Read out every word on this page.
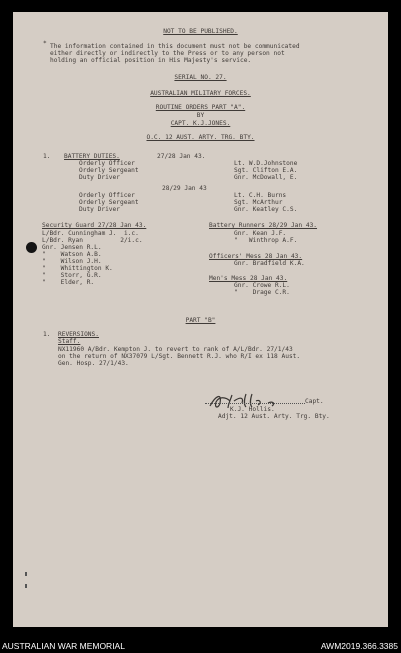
NOT TO BE PUBLISHED.
* The information contained in this document must not be communicated
either directly or indirectly to the Press or to any person not
holding an official position in His Majesty's service.
SERIAL NO. 27.
AUSTRALIAN MILITARY FORCES.
ROUTINE ORDERS PART "A".
BY
CAPT. K.J.JONES.
O.C. 12 AUST. ARTY. TRG. BTY.
1. BATTERY DUTIES.	27/28 Jan 43.
Orderly Officer
Orderly Sergeant
Duty Driver
Lt. W.D.Johnstone
Sgt. Clifton E.A.
Gnr. McDowall, E.
28/29 Jan 43
Orderly Officer
Orderly Sergeant
Duty Driver
Lt. C.H. Burns
Sgt. McArthur
Gnr. Keatley C.S.
Security Guard 27/28 Jan 43.
L/Bdr. Cunningham J.  i.c.
L/Bdr. Ryan          2/i.c.
Gnr. Jensen R.L.
"    Watson A.B.
"    Wilson J.H.
"    Whittington K.
"    Storr, G.R.
"    Elder, R.
Battery Runners 28/29 Jan 43.
Gnr. Kean J.F.
"   Winthrop A.F.
Officers' Mess 28 Jan 43.
Gnr. Bradfield K.A.
Men's Mess 28 Jan 43.
Gnr. Crowe R.L.
"    Drage C.R.
PART "B"
1. REVERSIONS.
Staff.
NX11960 A/Bdr. Kempton J. to revert to rank of A/L/Bdr. 27/1/43
on the return of NX37079 L/Sgt. Bennett R.J. who R/I ex 118 Aust.
Gen. Hosp. 27/1/43.
Capt.
K.J. Hollis.
Adjt. 12 Aust. Arty. Trg. Bty.
AUSTRALIAN WAR MEMORIAL	AWM2019.366.3385
